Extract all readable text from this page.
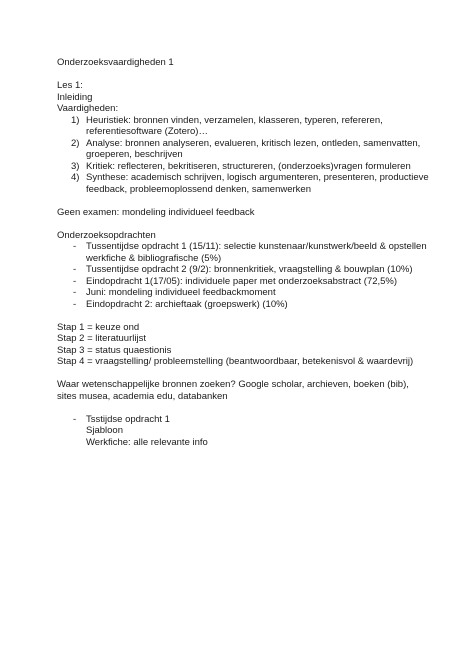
Onderzoeksvaardigheden 1
Les 1:
Inleiding
Vaardigheden:
1) Heuristiek: bronnen vinden, verzamelen, klasseren, typeren, refereren, referentiesoftware (Zotero)…
2) Analyse: bronnen analyseren, evalueren, kritisch lezen, ontleden, samenvatten, groeperen, beschrijven
3) Kritiek: reflecteren, bekritiseren, structureren, (onderzoeks)vragen formuleren
4) Synthese: academisch schrijven, logisch argumenteren, presenteren, productieve feedback, probleemoplossend denken, samenwerken
Geen examen: mondeling individueel feedback
Onderzoeksopdrachten
- Tussentijdse opdracht 1 (15/11): selectie kunstenaar/kunstwerk/beeld & opstellen werkfiche & bibliografische (5%)
- Tussentijdse opdracht 2 (9/2): bronnenkritiek, vraagstelling & bouwplan (10%)
- Eindopdracht 1(17/05): individuele paper met onderzoeksabstract (72,5%)
- Juni: mondeling individueel feedbackmoment
- Eindopdracht 2: archieftaak (groepswerk) (10%)
Stap 1 = keuze ond
Stap 2 = literatuurlijst
Stap 3 = status quaestionis
Stap 4 = vraagstelling/ probleemstelling (beantwoordbaar, betekenisvol & waardevrij)
Waar wetenschappelijke bronnen zoeken? Google scholar, archieven, boeken (bib), sites musea, academia edu, databanken
- Tsstijdse opdracht 1
Sjabloon
Werkfiche: alle relevante info
